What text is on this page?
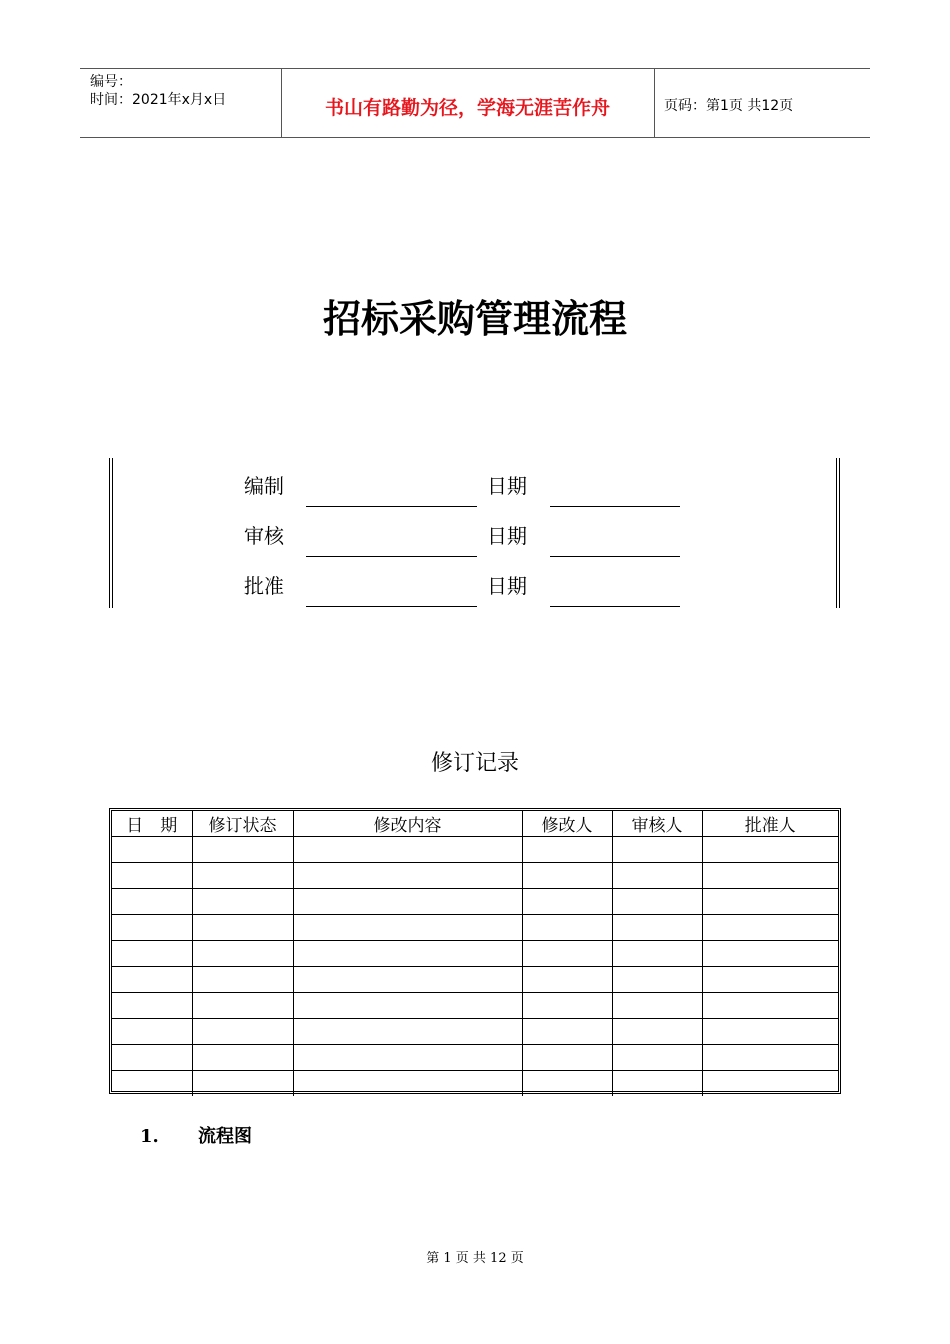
编号：
时间：2021年x月x日	书山有路勤为径，学海无涯苦作舟	页码：第1页 共12页
招标采购管理流程
编制	日期
审核	日期
批准	日期
修订记录
日　期	修订状态	修改内容	修改人	审核人	批准人

1. 流程图
第 1 页 共 12 页
